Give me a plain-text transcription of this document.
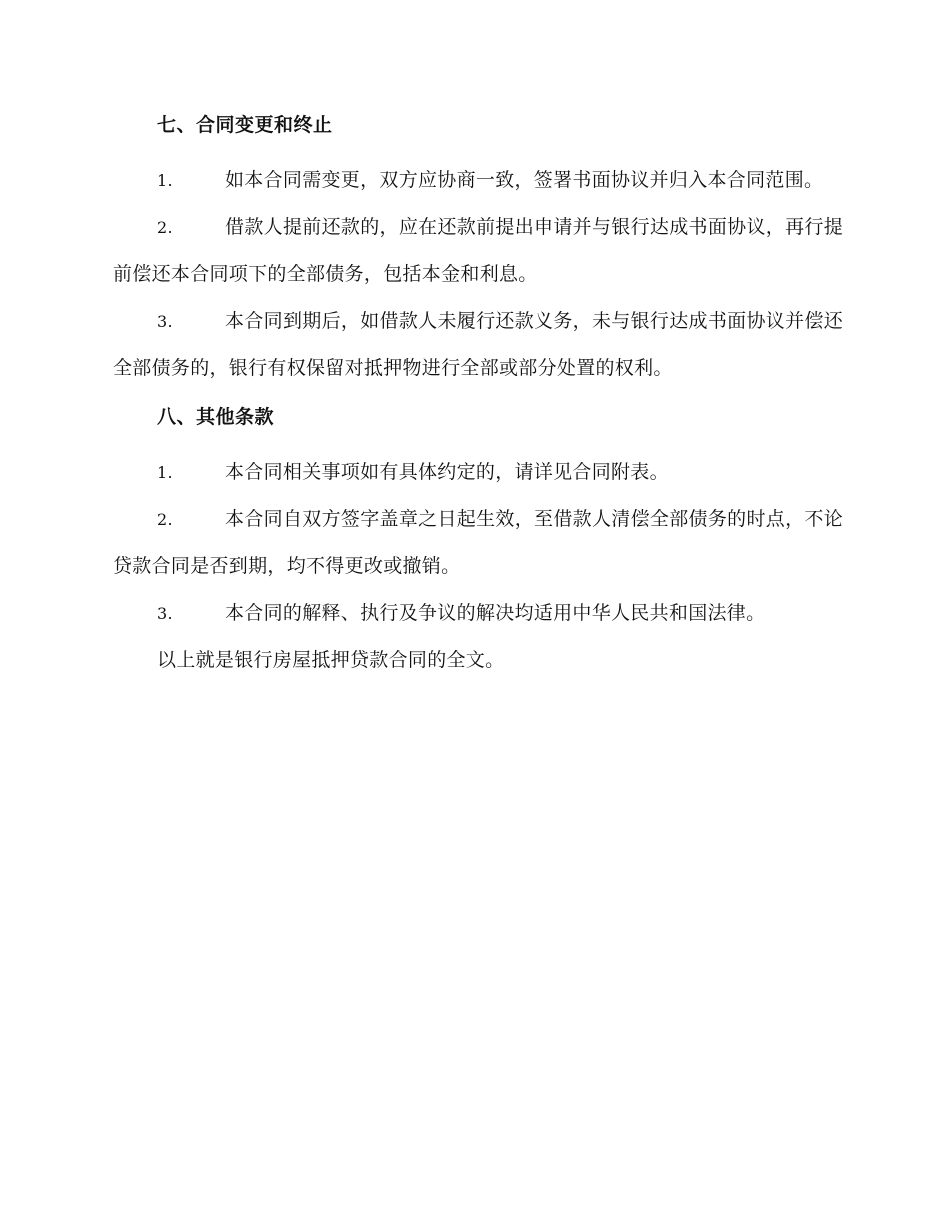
七、合同变更和终止

1.	如本合同需变更，双方应协商一致，签署书面协议并归入本合同范围。

2.	借款人提前还款的，应在还款前提出申请并与银行达成书面协议，再行提前偿还本合同项下的全部债务，包括本金和利息。

3.	本合同到期后，如借款人未履行还款义务，未与银行达成书面协议并偿还全部债务的，银行有权保留对抵押物进行全部或部分处置的权利。

八、其他条款

1.	本合同相关事项如有具体约定的，请详见合同附表。

2.	本合同自双方签字盖章之日起生效，至借款人清偿全部债务的时点，不论贷款合同是否到期，均不得更改或撤销。

3.	本合同的解释、执行及争议的解决均适用中华人民共和国法律。

以上就是银行房屋抵押贷款合同的全文。
